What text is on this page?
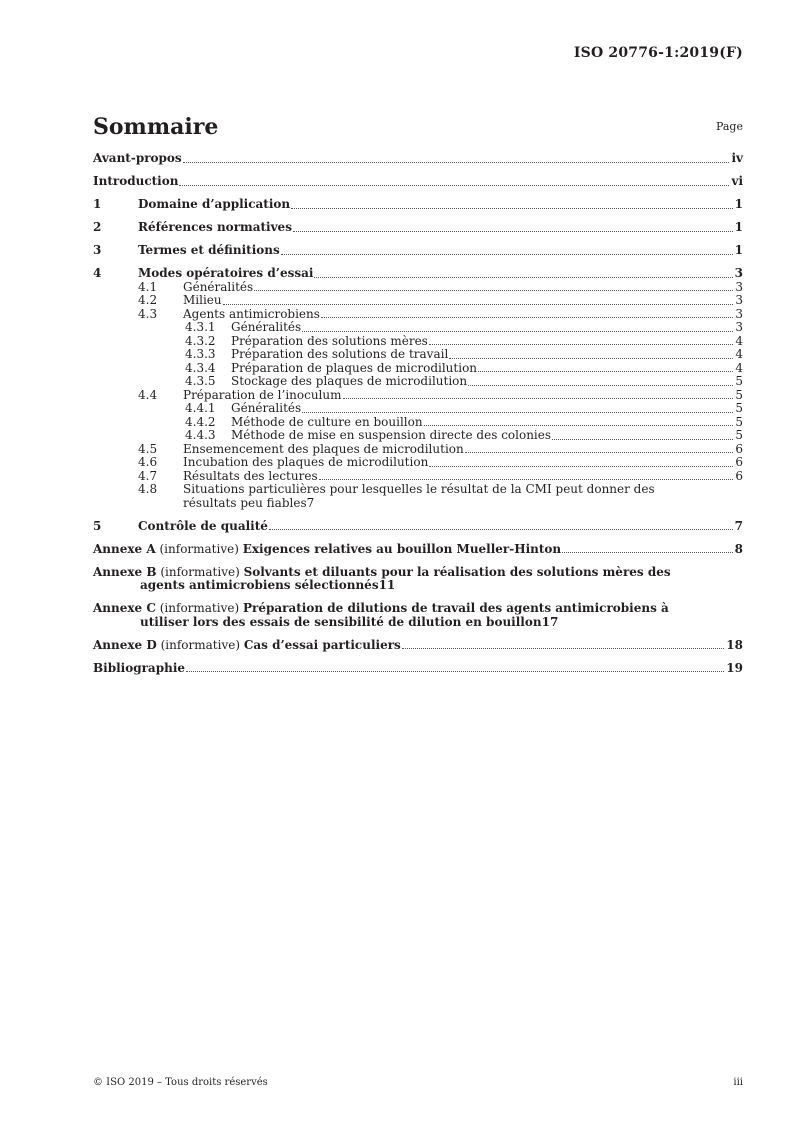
ISO 20776-1:2019(F)
Sommaire	Page
Avant-propos	iv
Introduction	vi
1	Domaine d’application	1
2	Références normatives	1
3	Termes et définitions	1
4	Modes opératoires d’essai	3
4.1	Généralités	3
4.2	Milieu	3
4.3	Agents antimicrobiens	3
4.3.1	Généralités	3
4.3.2	Préparation des solutions mères	4
4.3.3	Préparation des solutions de travail	4
4.3.4	Préparation de plaques de microdilution	4
4.3.5	Stockage des plaques de microdilution	5
4.4	Préparation de l’inoculum	5
4.4.1	Généralités	5
4.4.2	Méthode de culture en bouillon	5
4.4.3	Méthode de mise en suspension directe des colonies	5
4.5	Ensemencement des plaques de microdilution	6
4.6	Incubation des plaques de microdilution	6
4.7	Résultats des lectures	6
4.8	Situations particulières pour lesquelles le résultat de la CMI peut donner des
résultats peu fiables 7
5	Contrôle de qualité	7
Annexe A (informative) Exigences relatives au bouillon Mueller-Hinton	8
Annexe B (informative) Solvants et diluants pour la réalisation des solutions mères des
agents antimicrobiens sélectionnés 11
Annexe C (informative) Préparation de dilutions de travail des agents antimicrobiens à
utiliser lors des essais de sensibilité de dilution en bouillon 17
Annexe D (informative) Cas d’essai particuliers	18
Bibliographie	19
© ISO 2019 – Tous droits réservés	iii
